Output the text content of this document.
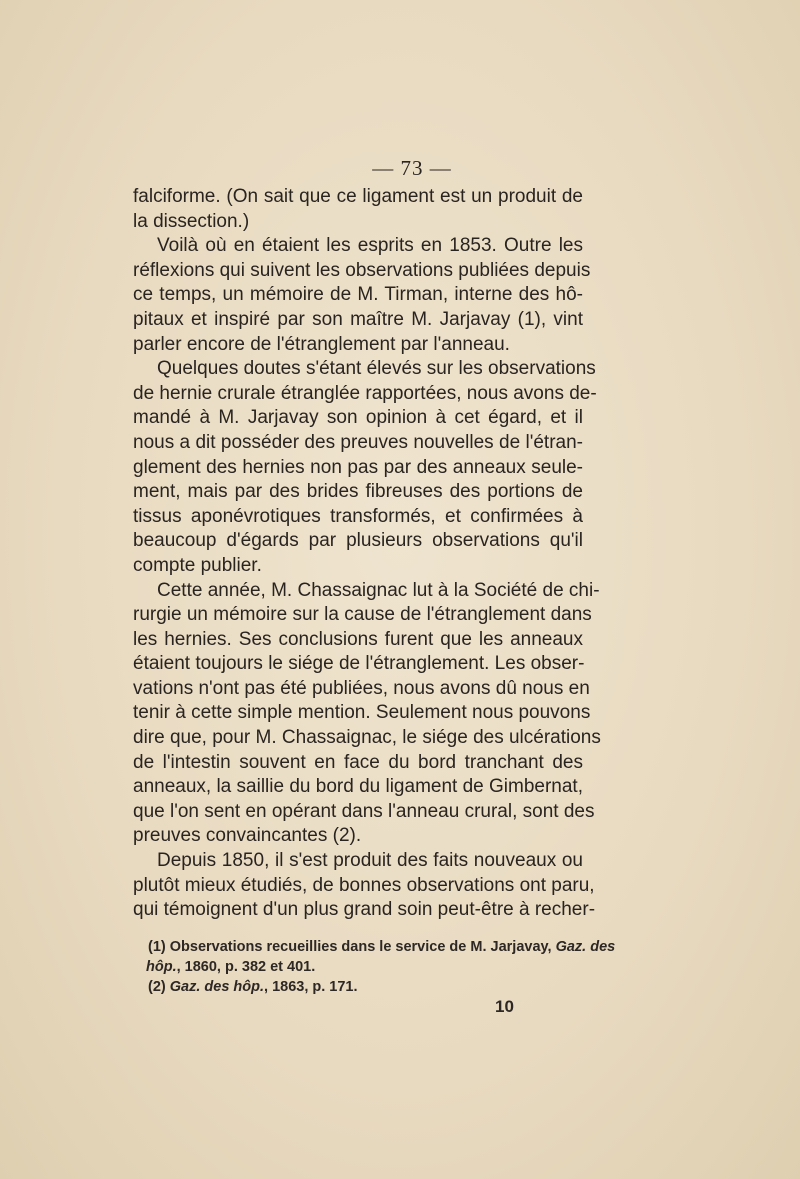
— 73 —
falciforme. (On sait que ce ligament est un produit de
la dissection.)
Voilà où en étaient les esprits en 1853. Outre les
réflexions qui suivent les observations publiées depuis
ce temps, un mémoire de M. Tirman, interne des hô-
pitaux et inspiré par son maître M. Jarjavay (1), vint
parler encore de l'étranglement par l'anneau.
Quelques doutes s'étant élevés sur les observations
de hernie crurale étranglée rapportées, nous avons de-
mandé à M. Jarjavay son opinion à cet égard, et il
nous a dit posséder des preuves nouvelles de l'étran-
glement des hernies non pas par des anneaux seule-
ment, mais par des brides fibreuses des portions de
tissus aponévrotiques transformés, et confirmées à
beaucoup d'égards par plusieurs observations qu'il
compte publier.
Cette année, M. Chassaignac lut à la Société de chi-
rurgie un mémoire sur la cause de l'étranglement dans
les hernies. Ses conclusions furent que les anneaux
étaient toujours le siége de l'étranglement. Les obser-
vations n'ont pas été publiées, nous avons dû nous en
tenir à cette simple mention. Seulement nous pouvons
dire que, pour M. Chassaignac, le siége des ulcérations
de l'intestin souvent en face du bord tranchant des
anneaux, la saillie du bord du ligament de Gimbernat,
que l'on sent en opérant dans l'anneau crural, sont des
preuves convaincantes (2).
Depuis 1850, il s'est produit des faits nouveaux ou
plutôt mieux étudiés, de bonnes observations ont paru,
qui témoignent d'un plus grand soin peut-être à recher-
(1) Observations recueillies dans le service de M. Jarjavay, Gaz. des
hôp., 1860, p. 382 et 401.
(2) Gaz. des hôp., 1863, p. 171.
10
